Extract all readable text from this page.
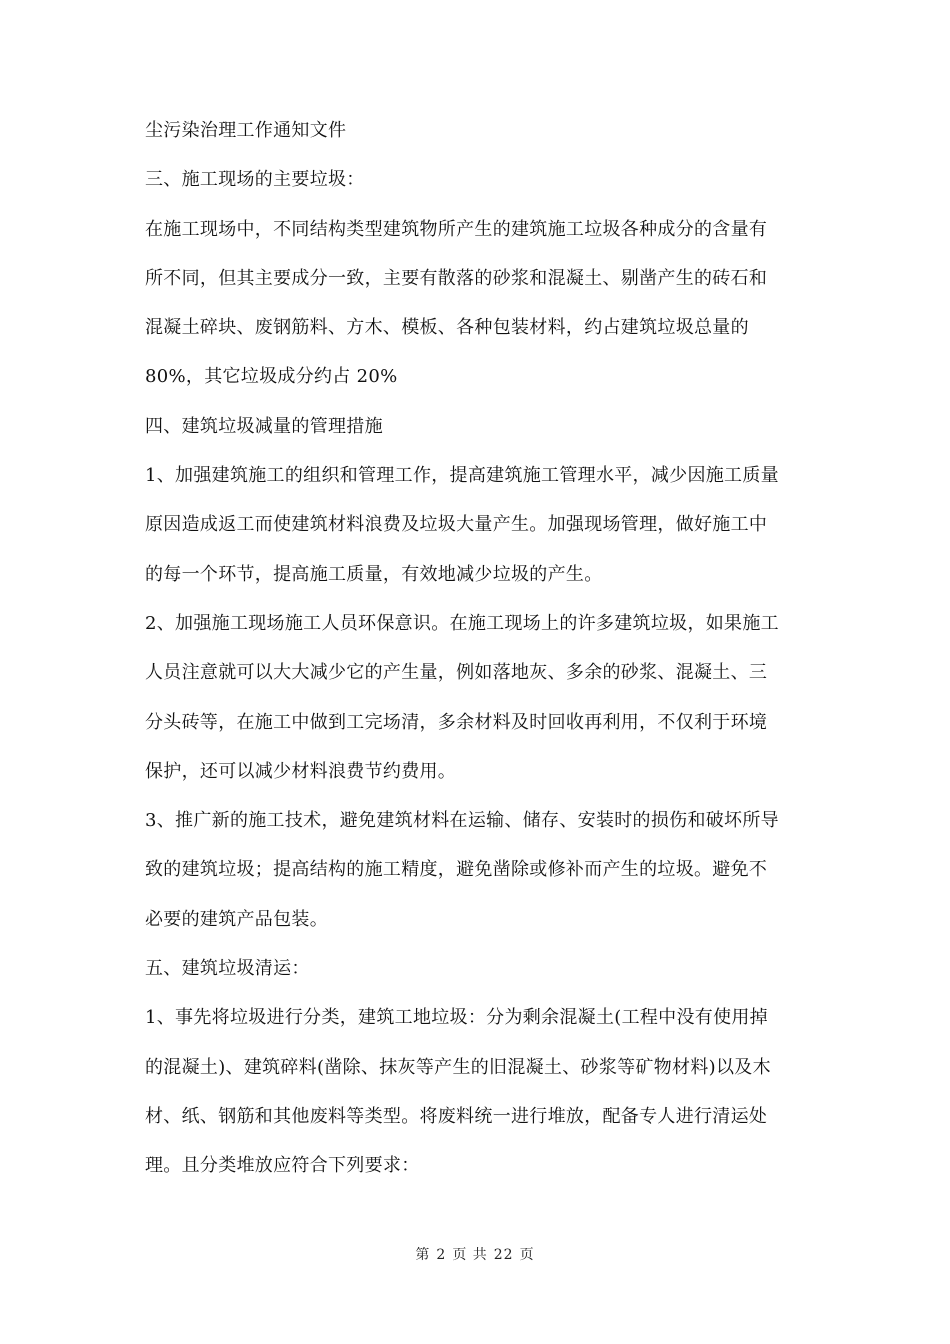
尘污染治理工作通知文件
三、施工现场的主要垃圾：
在施工现场中，不同结构类型建筑物所产生的建筑施工垃圾各种成分的含量有
所不同，但其主要成分一致，主要有散落的砂浆和混凝土、剔凿产生的砖石和
混凝土碎块、废钢筋料、方木、模板、各种包装材料，约占建筑垃圾总量的
80%，其它垃圾成分约占 20%
四、建筑垃圾减量的管理措施
1、加强建筑施工的组织和管理工作，提高建筑施工管理水平，减少因施工质量
原因造成返工而使建筑材料浪费及垃圾大量产生。加强现场管理，做好施工中
的每一个环节，提高施工质量，有效地减少垃圾的产生。
2、加强施工现场施工人员环保意识。在施工现场上的许多建筑垃圾，如果施工
人员注意就可以大大减少它的产生量，例如落地灰、多余的砂浆、混凝土、三
分头砖等，在施工中做到工完场清，多余材料及时回收再利用，不仅利于环境
保护，还可以减少材料浪费节约费用。
3、推广新的施工技术，避免建筑材料在运输、储存、安装时的损伤和破坏所导
致的建筑垃圾；提高结构的施工精度，避免凿除或修补而产生的垃圾。避免不
必要的建筑产品包装。
五、建筑垃圾清运：
1、事先将垃圾进行分类，建筑工地垃圾：分为剩余混凝土(工程中没有使用掉
的混凝土)、建筑碎料(凿除、抹灰等产生的旧混凝土、砂浆等矿物材料)以及木
材、纸、钢筋和其他废料等类型。将废料统一进行堆放，配备专人进行清运处
理。且分类堆放应符合下列要求：
第 2 页 共 22 页
